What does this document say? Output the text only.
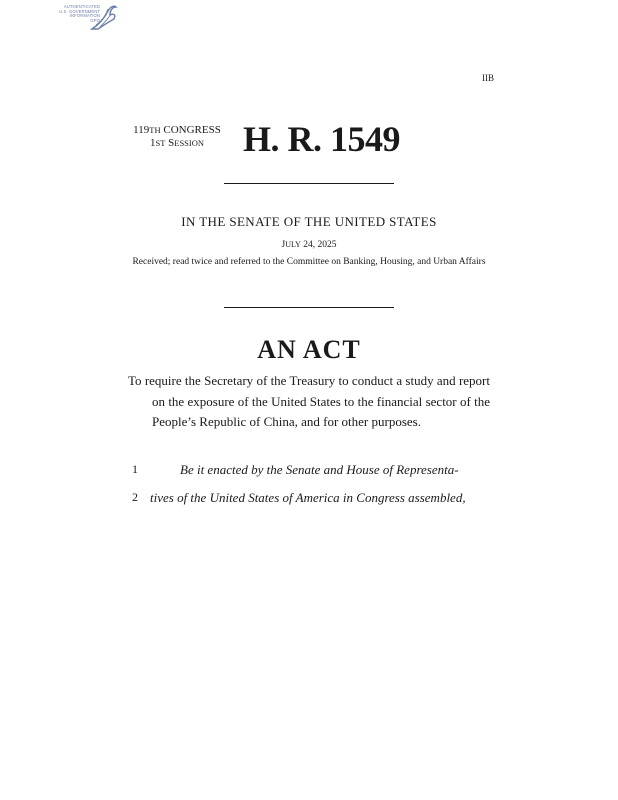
AUTHENTICATED
U.S. GOVERNMENT
INFORMATION
GPO
IIB
119TH CONGRESS
1ST SESSION	H. R. 1549
IN THE SENATE OF THE UNITED STATES
JULY 24, 2025
Received; read twice and referred to the Committee on Banking, Housing, and Urban Affairs
AN ACT
To require the Secretary of the Treasury to conduct a study and report on the exposure of the United States to the financial sector of the People’s Republic of China, and for other purposes.
1	Be it enacted by the Senate and House of Representa-
2 tives of the United States of America in Congress assembled,
